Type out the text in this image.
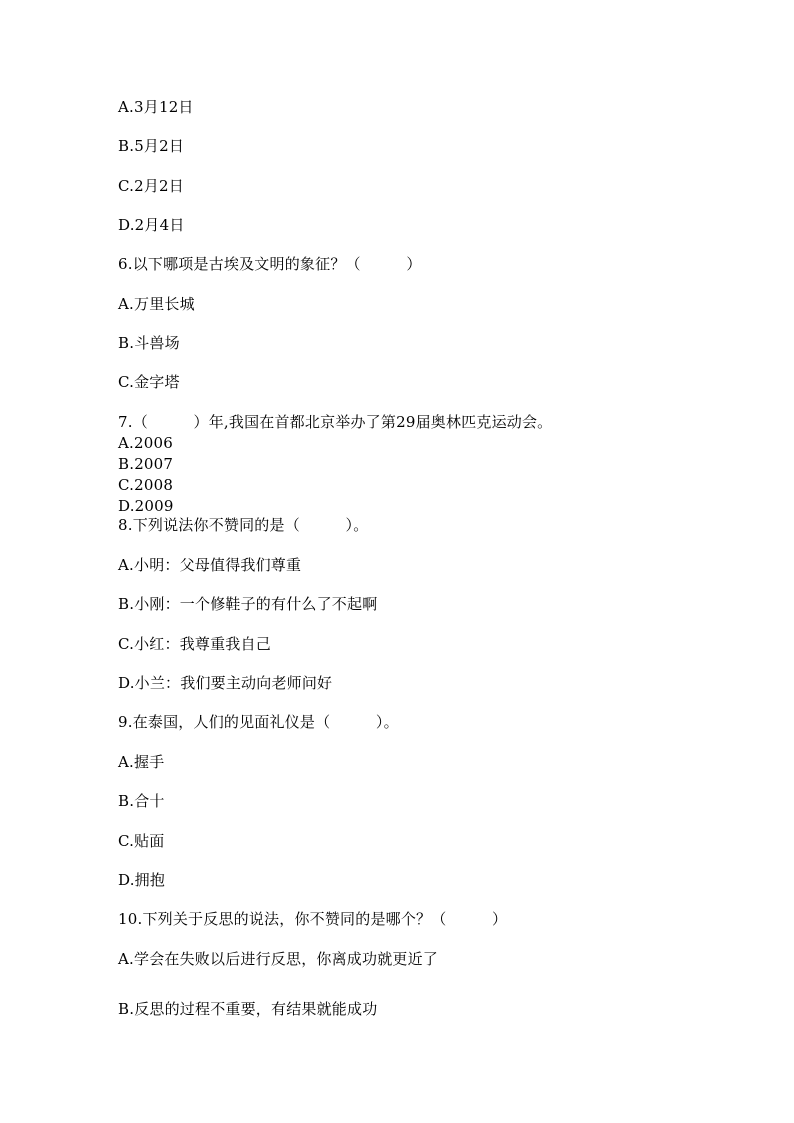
A.3月12日
B.5月2日
C.2月2日
D.2月4日
6.以下哪项是古埃及文明的象征？（　　　）
A.万里长城
B.斗兽场
C.金字塔
7.（　　　）年,我国在首都北京举办了第29届奥林匹克运动会。
A.2006
B.2007
C.2008
D.2009
8.下列说法你不赞同的是（　　　）。
A.小明：父母值得我们尊重
B.小刚：一个修鞋子的有什么了不起啊
C.小红：我尊重我自己
D.小兰：我们要主动向老师问好
9.在泰国，人们的见面礼仪是（　　　）。
A.握手
B.合十
C.贴面
D.拥抱
10.下列关于反思的说法，你不赞同的是哪个？（　　　）
A.学会在失败以后进行反思，你离成功就更近了
B.反思的过程不重要，有结果就能成功
